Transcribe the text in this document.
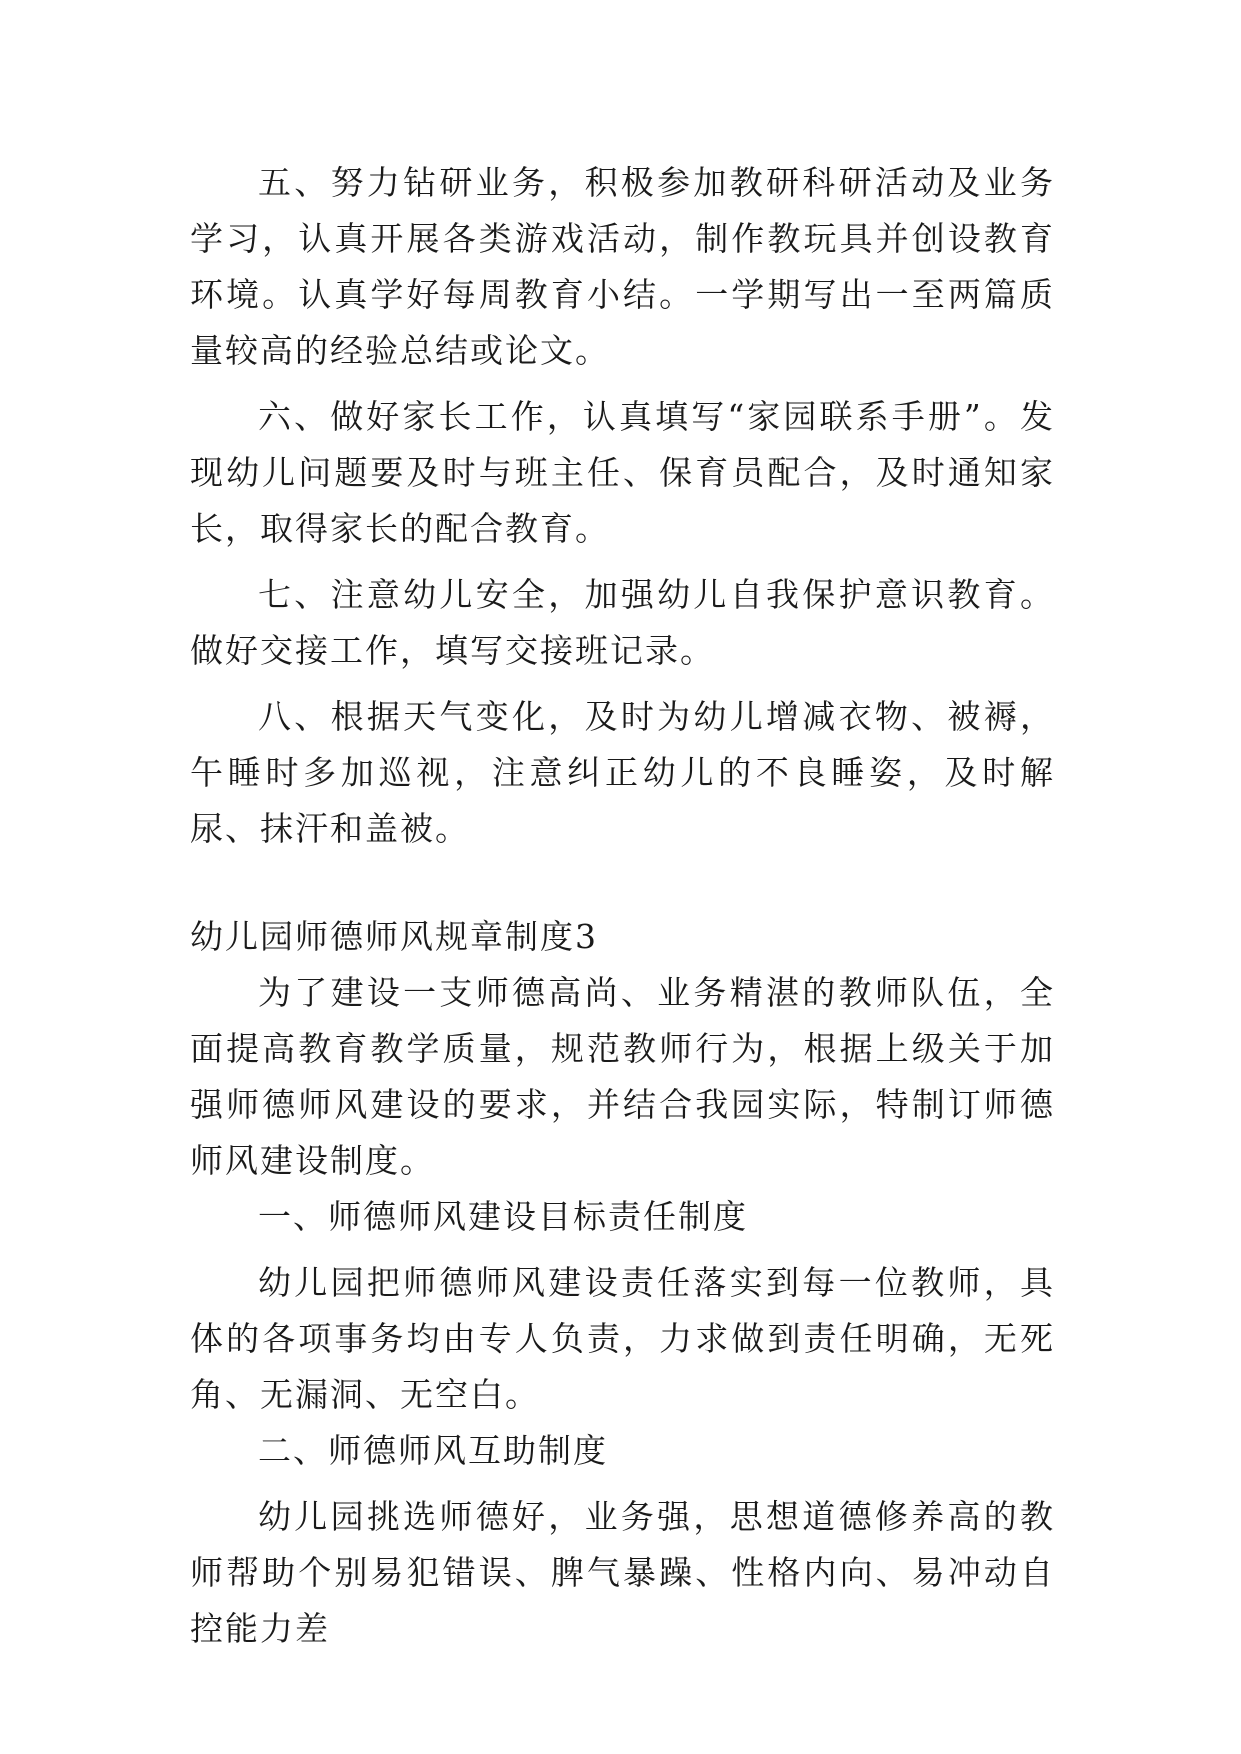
五、努力钻研业务，积极参加教研科研活动及业务学习，认真开展各类游戏活动，制作教玩具并创设教育环境。认真学好每周教育小结。一学期写出一至两篇质量较高的经验总结或论文。

六、做好家长工作，认真填写“家园联系手册”。发现幼儿问题要及时与班主任、保育员配合，及时通知家长，取得家长的配合教育。

七、注意幼儿安全，加强幼儿自我保护意识教育。做好交接工作，填写交接班记录。

八、根据天气变化，及时为幼儿增减衣物、被褥，午睡时多加巡视，注意纠正幼儿的不良睡姿，及时解尿、抹汗和盖被。

幼儿园师德师风规章制度3

为了建设一支师德高尚、业务精湛的教师队伍，全面提高教育教学质量，规范教师行为，根据上级关于加强师德师风建设的要求，并结合我园实际，特制订师德师风建设制度。

一、师德师风建设目标责任制度

幼儿园把师德师风建设责任落实到每一位教师，具体的各项事务均由专人负责，力求做到责任明确，无死角、无漏洞、无空白。

二、师德师风互助制度

幼儿园挑选师德好，业务强，思想道德修养高的教师帮助个别易犯错误、脾气暴躁、性格内向、易冲动自控能力差
